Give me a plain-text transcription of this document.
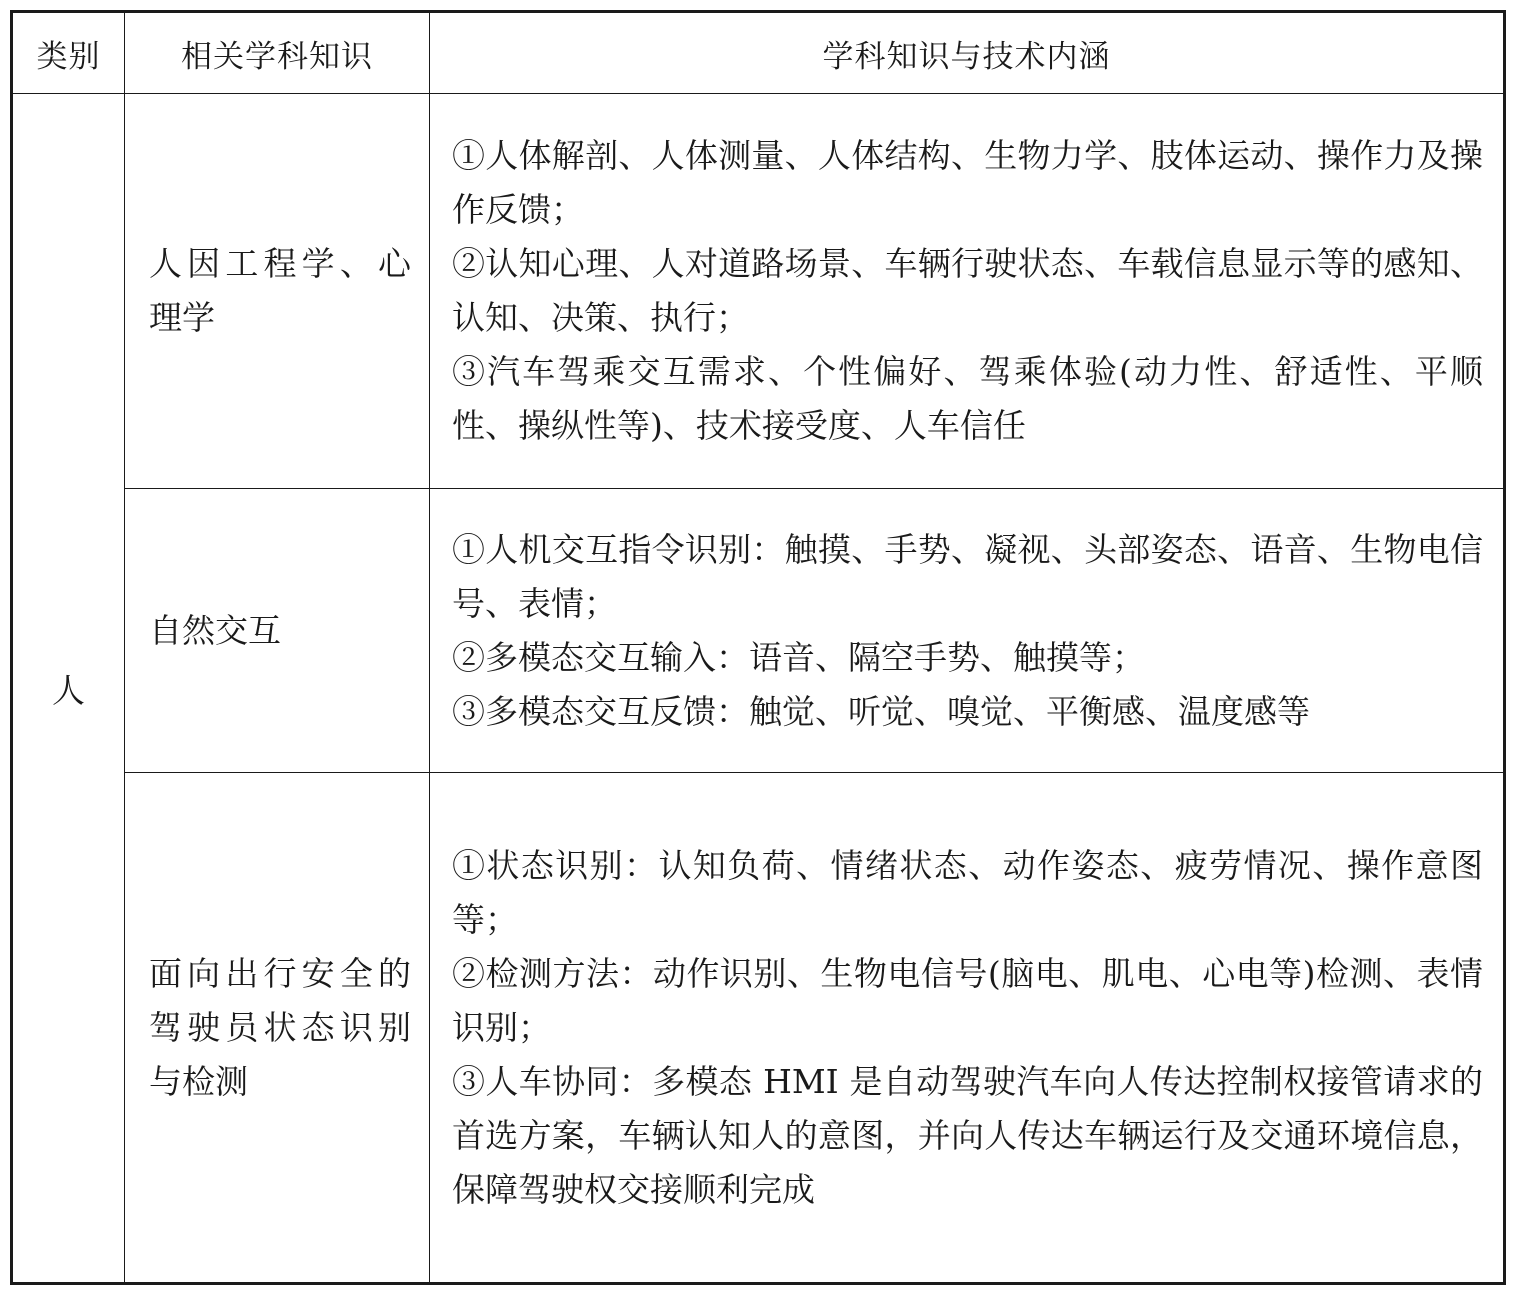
类别	相关学科知识	学科知识与技术内涵
人	人因工程学、心理学	①人体解剖、人体测量、人体结构、生物力学、肢体运动、操作力及操作反馈；
②认知心理、人对道路场景、车辆行驶状态、车载信息显示等的感知、认知、决策、执行；
③汽车驾乘交互需求、个性偏好、驾乘体验(动力性、舒适性、平顺性、操纵性等)、技术接受度、人车信任

	自然交互	①人机交互指令识别：触摸、手势、凝视、头部姿态、语音、生物电信号、表情；
②多模态交互输入：语音、隔空手势、触摸等；
③多模态交互反馈：触觉、听觉、嗅觉、平衡感、温度感等

	面向出行安全的驾驶员状态识别与检测	①状态识别：认知负荷、情绪状态、动作姿态、疲劳情况、操作意图等；
②检测方法：动作识别、生物电信号(脑电、肌电、心电等)检测、表情识别；
③人车协同：多模态 HMI 是自动驾驶汽车向人传达控制权接管请求的首选方案，车辆认知人的意图，并向人传达车辆运行及交通环境信息，保障驾驶权交接顺利完成
